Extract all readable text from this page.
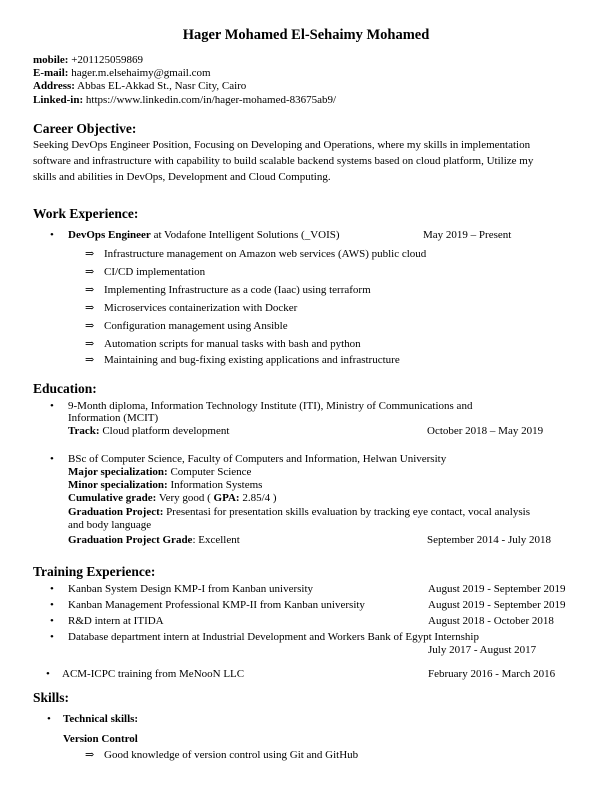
Hager Mohamed El-Sehaimy Mohamed
mobile: +201125059869
E-mail: hager.m.elsehaimy@gmail.com
Address: Abbas EL-Akkad St., Nasr City, Cairo
Linked-in: https://www.linkedin.com/in/hager-mohamed-83675ab9/
Career Objective:
Seeking DevOps Engineer Position, Focusing on Developing and Operations, where my skills in implementation
software and infrastructure with capability to build scalable backend systems based on cloud platform, Utilize my
skills and abilities in DevOps, Development and Cloud Computing.
Work Experience:
• DevOps Engineer at Vodafone Intelligent Solutions (_VOIS)	May 2019 – Present
⇒ Infrastructure management on Amazon web services (AWS) public cloud
⇒ CI/CD implementation
⇒ Implementing Infrastructure as a code (Iaac) using terraform
⇒ Microservices containerization with Docker
⇒ Configuration management using Ansible
⇒ Automation scripts for manual tasks with bash and python
⇒ Maintaining and bug-fixing existing applications and infrastructure
Education:
• 9-Month diploma, Information Technology Institute (ITI), Ministry of Communications and
Information (MCIT)
Track: Cloud platform development	October 2018 – May 2019
• BSc of Computer Science, Faculty of Computers and Information, Helwan University
Major specialization: Computer Science
Minor specialization: Information Systems
Cumulative grade: Very good ( GPA: 2.85/4 )
Graduation Project: Presentasi for presentation skills evaluation by tracking eye contact, vocal analysis
and body language
Graduation Project Grade: Excellent	September 2014 - July 2018
Training Experience:
• Kanban System Design KMP-I from Kanban university	August 2019 - September 2019
• Kanban Management Professional KMP-II from Kanban university	August 2019 - September 2019
• R&D intern at ITIDA	August 2018 - October 2018
• Database department intern at Industrial Development and Workers Bank of Egypt Internship
July 2017 - August 2017
• ACM-ICPC training from MeNooN LLC	February 2016 - March 2016
Skills:
• Technical skills:
Version Control
⇒ Good knowledge of version control using Git and GitHub
